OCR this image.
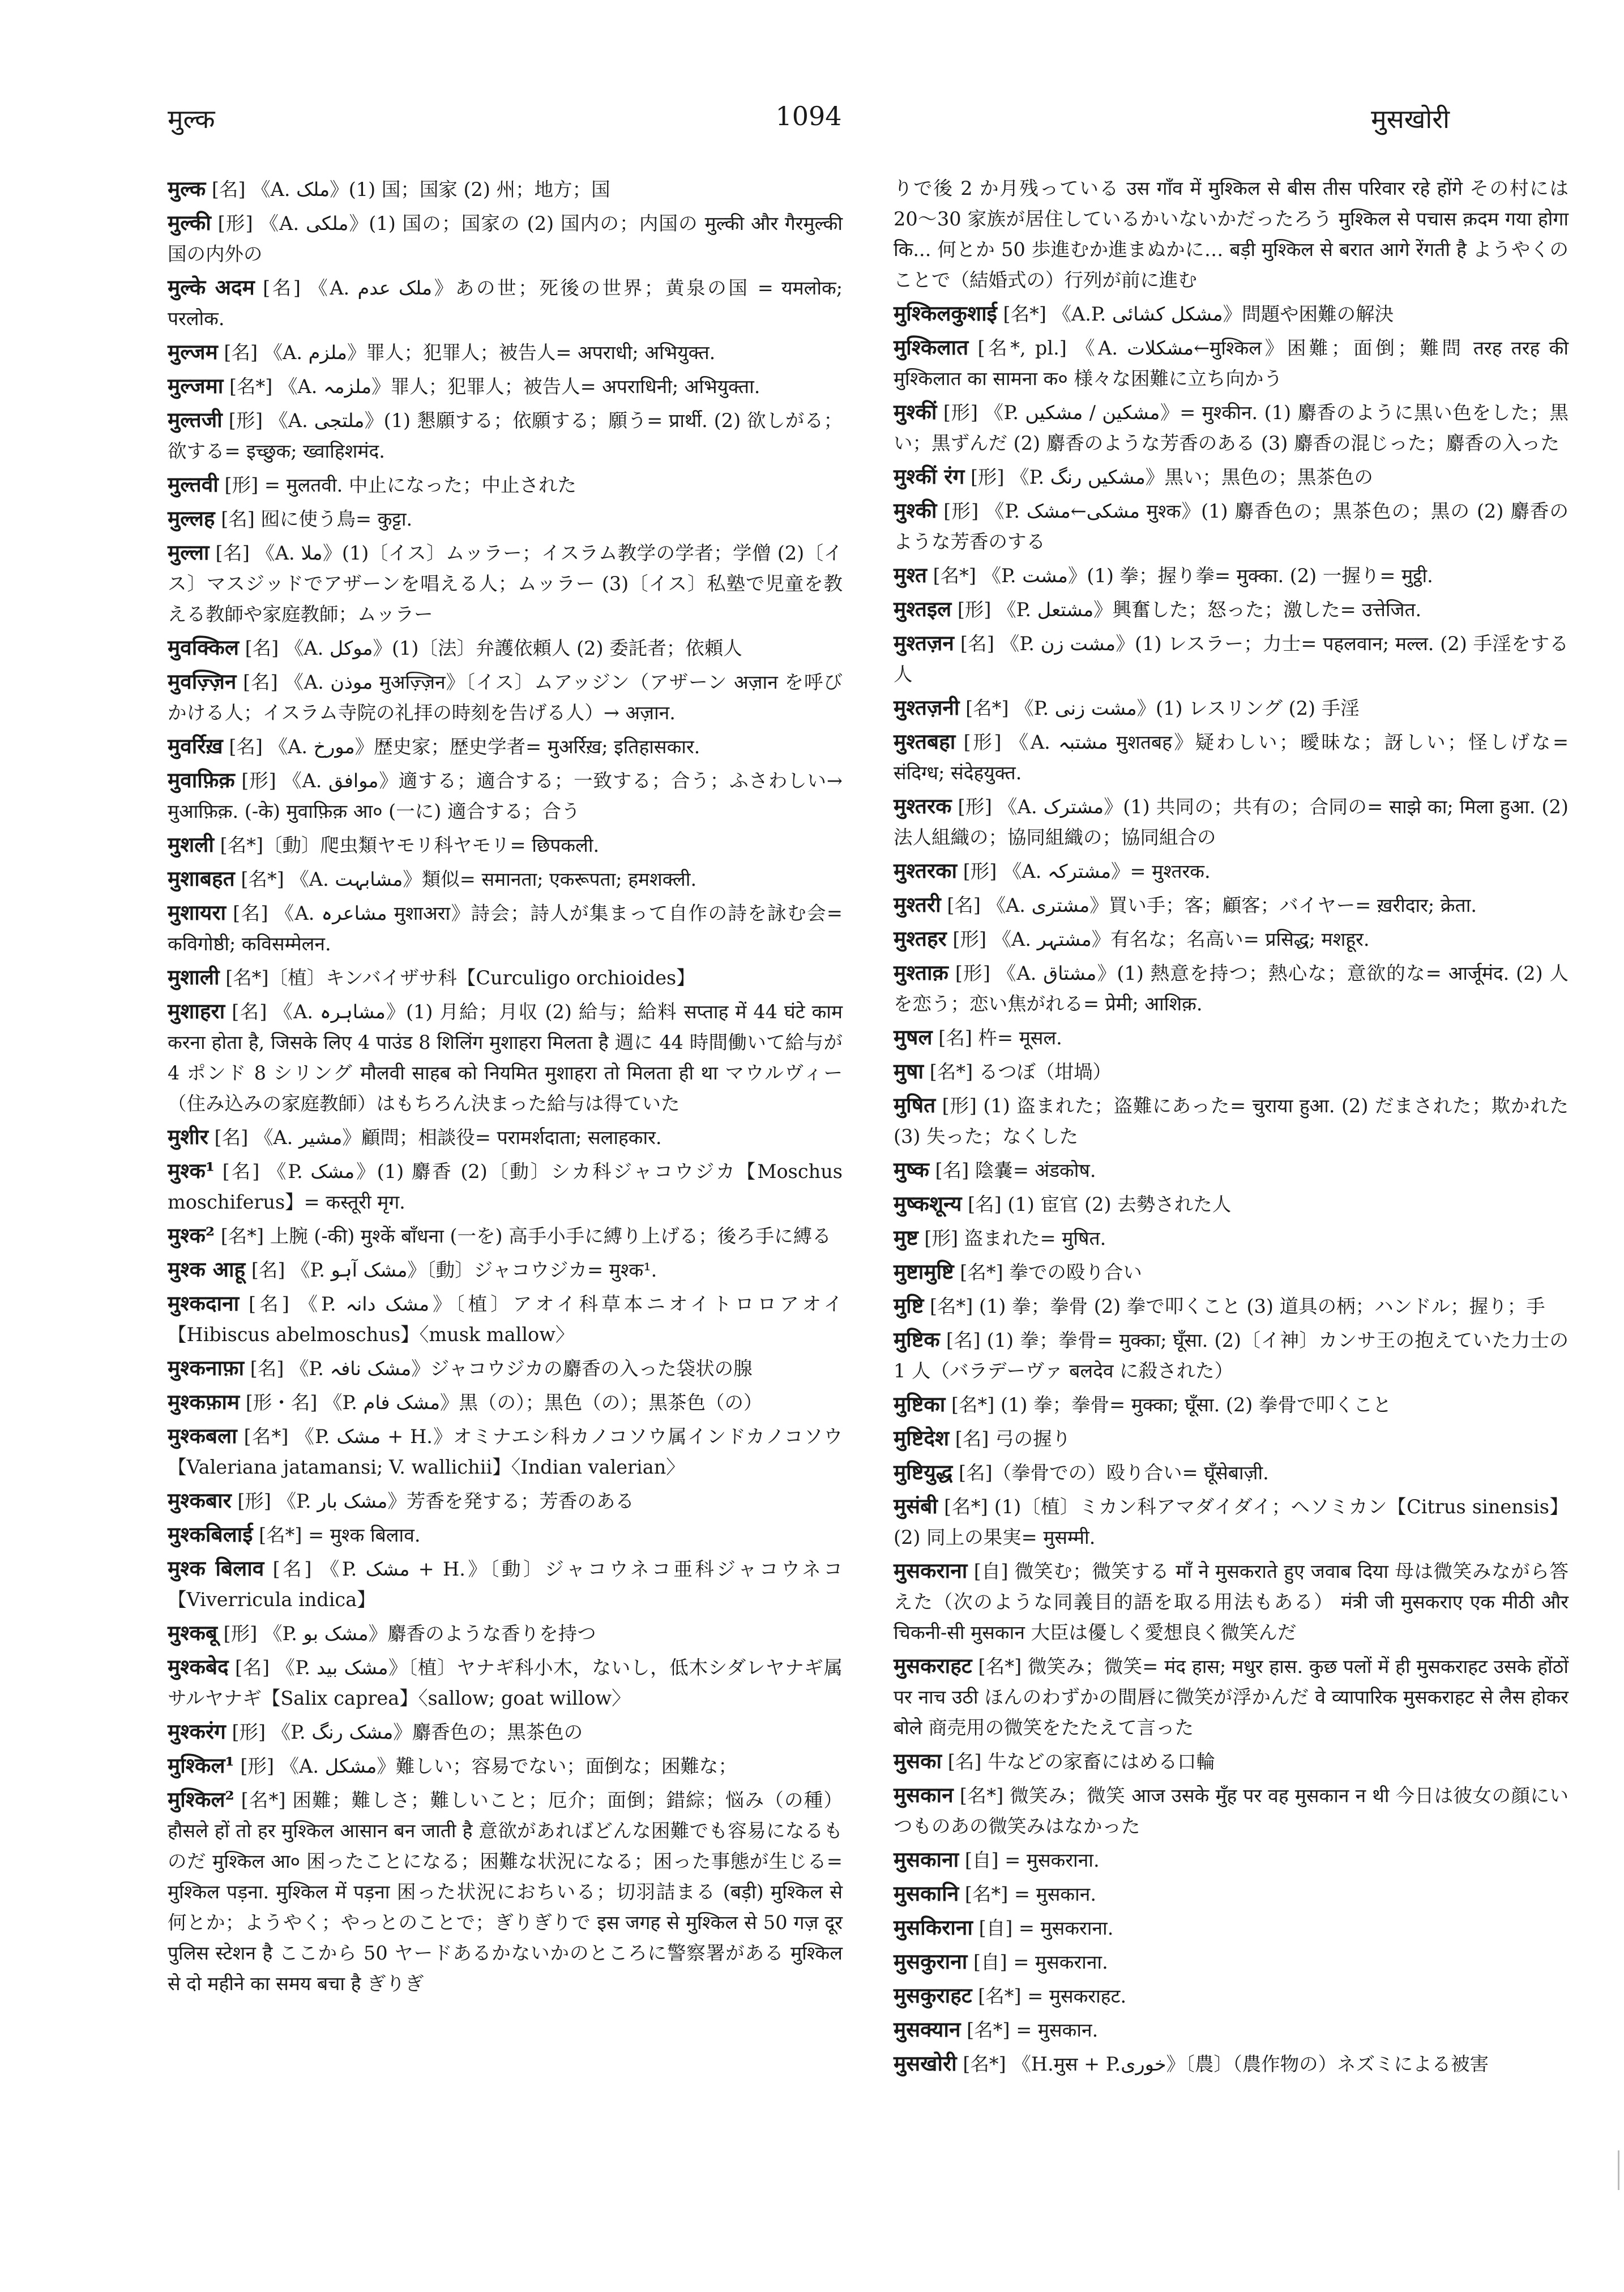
मुल्क	1094	मुसखोरी

मुल्क [名] 《A. ملک》(1) 国；国家 (2) 州；地方；国

मुल्की [形] 《A. ملکی》(1) 国の；国家の (2) 国内の；内国の मुल्की और गैरमुल्की 国の内外の

मुल्के अदम [名] 《A. ملک عدم》あの世；死後の世界；黄泉の国 = यमलोक; परलोक.

मुल्जम [名] 《A. ملزم》罪人；犯罪人；被告人= अपराधी; अभियुक्त.

मुल्जमा [名*] 《A. ملزمہ》罪人；犯罪人；被告人= अपराधिनी; अभियुक्ता.

मुल्तजी [形] 《A. ملتجی》(1) 懇願する；依願する；願う= प्रार्थी. (2) 欲しがる；欲する= इच्छुक; ख्वाहिशमंद.

मुल्तवी [形] = मुलतवी. 中止になった；中止された

मुल्लह [名] 囮に使う鳥= कुट्टा.

मुल्ला [名] 《A. ملا》(1)〔イス〕ムッラー；イスラム教学の学者；学僧 (2)〔イス〕マスジッドでアザーンを唱える人；ムッラー (3)〔イス〕私塾で児童を教える教師や家庭教師；ムッラー

मुवक्किल [名] 《A. موکل》(1)〔法〕弁護依頼人 (2) 委託者；依頼人

मुवज़्ज़िन [名] 《A. موذن मुअज़्ज़िन》〔イス〕ムアッジン（アザーン अज़ान を呼びかける人；イスラム寺院の礼拝の時刻を告げる人）→ अज़ान.

मुवर्रिख़ [名] 《A. مورخ》歴史家；歴史学者= मुअर्रिख़; इतिहासकार.

मुवाफ़िक़ [形] 《A. موافق》適する；適合する；一致する；合う；ふさわしい→ मुआफ़िक़. (-के) मुवाफ़िक़ आ० (一に) 適合する；合う

मुशली [名*]〔動〕爬虫類ヤモリ科ヤモリ= छिपकली.

मुशाबहत [名*] 《A. مشابہت》類似= समानता; एकरूपता; हमशक्ली.

मुशायरा [名] 《A. مشاعرہ मुशाअरा》詩会；詩人が集まって自作の詩を詠む会= कविगोष्ठी; कविसम्मेलन.

मुशाली [名*]〔植〕キンバイザサ科【Curculigo orchioides】

मुशाहरा [名] 《A. مشاہرہ》(1) 月給；月収 (2) 給与；給料 सप्ताह में 44 घंटे काम करना होता है, जिसके लिए 4 पाउंड 8 शिलिंग मुशाहरा मिलता है 週に 44 時間働いて給与が 4 ポンド 8 シリング मौलवी साहब को नियमित मुशाहरा तो मिलता ही था マウルヴィー（住み込みの家庭教師）はもちろん決まった給与は得ていた

मुशीर [名] 《A. مشیر》顧問；相談役= परामर्शदाता; सलाहकार.

मुश्क¹ [名] 《P. مشک》(1) 麝香 (2)〔動〕シカ科ジャコウジカ【Moschus moschiferus】= कस्तूरी मृग.

मुश्क² [名*] 上腕 (-की) मुश्कें बाँधना (一を) 高手小手に縛り上げる；後ろ手に縛る

मुश्क आहू [名] 《P. مشک آہو》〔動〕ジャコウジカ= मुश्क¹.

मुश्कदाना [名] 《P. مشک دانہ》〔植〕アオイ科草本ニオイトロロアオイ【Hibiscus abelmoschus】〈musk mallow〉

मुश्कनाफ़ा [名] 《P. مشک نافہ》ジャコウジカの麝香の入った袋状の腺

मुश्कफ़ाम [形・名] 《P. مشک فام》黒（の）；黒色（の）；黒茶色（の）

मुश्कबला [名*] 《P. مشک + H.》オミナエシ科カノコソウ属インドカノコソウ【Valeriana jatamansi; V. wallichii】〈Indian valerian〉

मुश्कबार [形] 《P. مشک بار》芳香を発する；芳香のある

मुश्कबिलाई [名*] = मुश्क बिलाव.

मुश्क बिलाव [名] 《P. مشک + H.》〔動〕ジャコウネコ亜科ジャコウネコ【Viverricula indica】

मुश्कबू [形] 《P. مشک بو》麝香のような香りを持つ

मुश्कबेद [名] 《P. مشک بید》〔植〕ヤナギ科小木，ないし，低木シダレヤナギ属サルヤナギ【Salix caprea】〈sallow; goat willow〉

मुश्करंग [形] 《P. مشک رنگ》麝香色の；黒茶色の

मुश्किल¹ [形] 《A. مشکل》難しい；容易でない；面倒な；困難な；

मुश्किल² [名*] 困難；難しさ；難しいこと；厄介；面倒；錯綜；悩み（の種） हौसले हों तो हर मुश्किल आसान बन जाती है 意欲があればどんな困難でも容易になるものだ मुश्किल आ० 困ったことになる；困難な状況になる；困った事態が生じる= मुश्किल पड़ना. मुश्किल में पड़ना 困った状況におちいる；切羽詰まる (बड़ी) मुश्किल से 何とか；ようやく；やっとのことで；ぎりぎりで इस जगह से मुश्किल से 50 गज़ दूर पुलिस स्टेशन है ここから 50 ヤードあるかないかのところに警察署がある मुश्किल से दो महीने का समय बचा है ぎりぎ

りで後 2 か月残っている उस गाँव में मुश्किल से बीस तीस परिवार रहे होंगे その村には 20～30 家族が居住しているかいないかだったろう मुश्किल से पचास क़दम गया होगा कि... 何とか 50 歩進むか進まぬかに… बड़ी मुश्किल से बरात आगे रेंगती है ようやくのことで（結婚式の）行列が前に進む

मुश्किलकुशाई [名*] 《A.P. مشکل کشائی》問題や困難の解決

मुश्किलात [名*, pl.] 《A. مشکلات←मुश्किल》困難；面倒；難問 तरह तरह की मुश्किलात का सामना क० 様々な困難に立ち向かう

मुश्कीं [形] 《P. مشکین / مشکیں》= मुश्कीन. (1) 麝香のように黒い色をした；黒い；黒ずんだ (2) 麝香のような芳香のある (3) 麝香の混じった；麝香の入った

मुश्कीं रंग [形] 《P. مشکیں رنگ》黒い；黒色の；黒茶色の

मुश्की [形] 《P. مشکی←مشک मुश्क》(1) 麝香色の；黒茶色の；黒の (2) 麝香のような芳香のする

मुश्त [名*] 《P. مشت》(1) 拳；握り拳= मुक्का. (2) 一握り= मुट्ठी.

मुश्तइल [形] 《P. مشتعل》興奮した；怒った；激した= उत्तेजित.

मुश्तज़न [名] 《P. مشت زن》(1) レスラー；力士= पहलवान; मल्ल. (2) 手淫をする人

मुश्तज़नी [名*] 《P. مشت زنی》(1) レスリング (2) 手淫

मुश्तबहा [形] 《A. مشتبہ मुशतबह》疑わしい；曖昧な；訝しい；怪しげな= संदिग्ध; संदेहयुक्त.

मुश्तरक [形] 《A. مشترک》(1) 共同の；共有の；合同の= साझे का; मिला हुआ. (2) 法人組織の；協同組織の；協同組合の

मुश्तरका [形] 《A. مشترکہ》= मुश्तरक.

मुश्तरी [名] 《A. مشتری》買い手；客；顧客；バイヤー= ख़रीदार; क्रेता.

मुश्तहर [形] 《A. مشتہر》有名な；名高い= प्रसिद्ध; मशहूर.

मुश्ताक़ [形] 《A. مشتاق》(1) 熱意を持つ；熱心な；意欲的な= आर्जूमंद. (2) 人を恋う；恋い焦がれる= प्रेमी; आशिक़.

मुषल [名] 杵= मूसल.

मुषा [名*] るつぼ（坩堝）

मुषित [形] (1) 盗まれた；盗難にあった= चुराया हुआ. (2) だまされた；欺かれた (3) 失った；なくした

मुष्क [名] 陰嚢= अंडकोष.

मुष्कशून्य [名] (1) 宦官 (2) 去勢された人

मुष्ट [形] 盗まれた= मुषित.

मुष्टामुष्टि [名*] 拳での殴り合い

मुष्टि [名*] (1) 拳；拳骨 (2) 拳で叩くこと (3) 道具の柄；ハンドル；握り；手

मुष्टिक [名] (1) 拳；拳骨= मुक्का; घूँसा. (2)〔イ神〕カンサ王の抱えていた力士の 1 人（バラデーヴァ बलदेव に殺された）

मुष्टिका [名*] (1) 拳；拳骨= मुक्का; घूँसा. (2) 拳骨で叩くこと

मुष्टिदेश [名] 弓の握り

मुष्टियुद्ध [名]（拳骨での）殴り合い= घूँसेबाज़ी.

मुसंबी [名*] (1)〔植〕ミカン科アマダイダイ；ヘソミカン【Citrus sinensis】(2) 同上の果実= मुसम्मी.

मुसकराना [自] 微笑む；微笑する माँ ने मुसकराते हुए जवाब दिया 母は微笑みながら答えた（次のような同義目的語を取る用法もある） मंत्री जी मुसकराए एक मीठी और चिकनी-सी मुसकान 大臣は優しく愛想良く微笑んだ

मुसकराहट [名*] 微笑み；微笑= मंद हास; मधुर हास. कुछ पलों में ही मुसकराहट उसके होंठों पर नाच उठी ほんのわずかの間唇に微笑が浮かんだ वे व्यापारिक मुसकराहट से लैस होकर बोले 商売用の微笑をたたえて言った

मुसका [名] 牛などの家畜にはめる口輪

मुसकान [名*] 微笑み；微笑 आज उसके मुँह पर वह मुसकान न थी 今日は彼女の顔にいつものあの微笑みはなかった

मुसकाना [自] = मुसकराना.

मुसकानि [名*] = मुसकान.

मुसकिराना [自] = मुसकराना.

मुसकुराना [自] = मुसकराना.

मुसकुराहट [名*] = मुसकराहट.

मुसक्यान [名*] = मुसकान.

मुसखोरी [名*] 《H.मुस + P.خوری》〔農〕（農作物の）ネズミによる被害
